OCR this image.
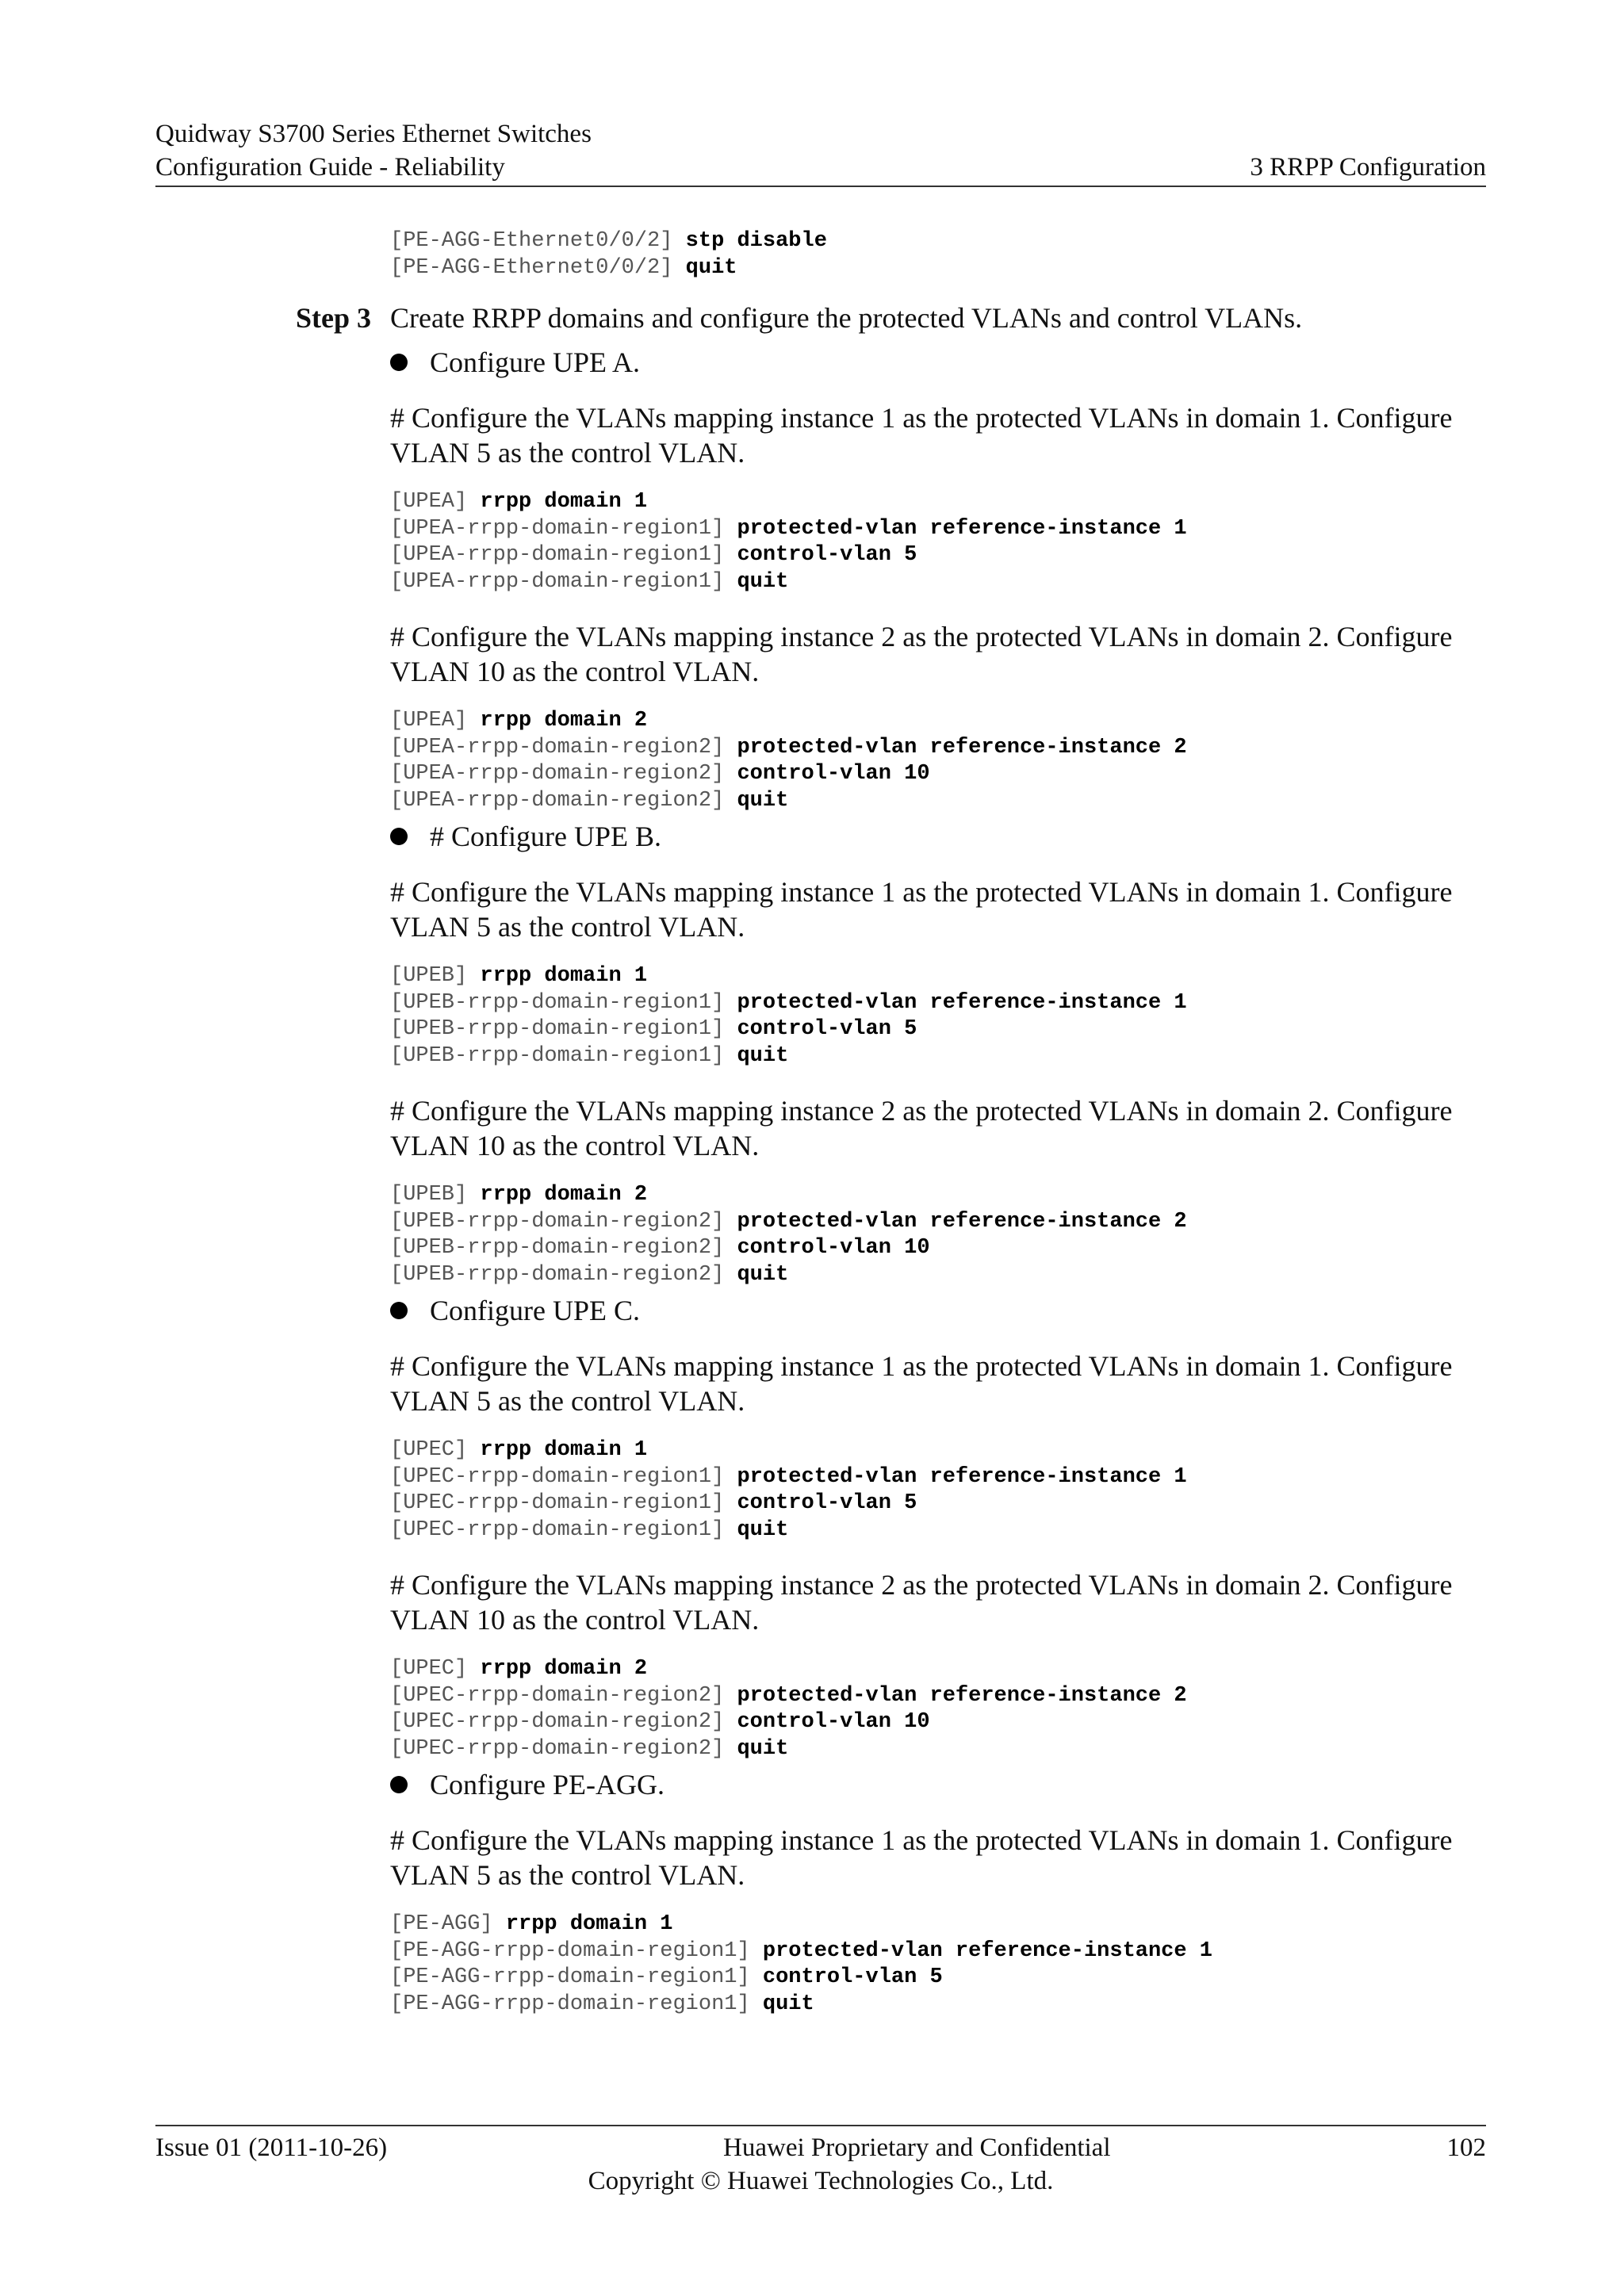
Quidway S3700 Series Ethernet Switches
Configuration Guide - Reliability	3 RRPP Configuration
[PE-AGG-Ethernet0/0/2] stp disable
[PE-AGG-Ethernet0/0/2] quit
Step 3 Create RRPP domains and configure the protected VLANs and control VLANs.
Configure UPE A.
# Configure the VLANs mapping instance 1 as the protected VLANs in domain 1. Configure VLAN 5 as the control VLAN.
[UPEA] rrpp domain 1
[UPEA-rrpp-domain-region1] protected-vlan reference-instance 1
[UPEA-rrpp-domain-region1] control-vlan 5
[UPEA-rrpp-domain-region1] quit
# Configure the VLANs mapping instance 2 as the protected VLANs in domain 2. Configure VLAN 10 as the control VLAN.
[UPEA] rrpp domain 2
[UPEA-rrpp-domain-region2] protected-vlan reference-instance 2
[UPEA-rrpp-domain-region2] control-vlan 10
[UPEA-rrpp-domain-region2] quit
# Configure UPE B.
# Configure the VLANs mapping instance 1 as the protected VLANs in domain 1. Configure VLAN 5 as the control VLAN.
[UPEB] rrpp domain 1
[UPEB-rrpp-domain-region1] protected-vlan reference-instance 1
[UPEB-rrpp-domain-region1] control-vlan 5
[UPEB-rrpp-domain-region1] quit
# Configure the VLANs mapping instance 2 as the protected VLANs in domain 2. Configure VLAN 10 as the control VLAN.
[UPEB] rrpp domain 2
[UPEB-rrpp-domain-region2] protected-vlan reference-instance 2
[UPEB-rrpp-domain-region2] control-vlan 10
[UPEB-rrpp-domain-region2] quit
Configure UPE C.
# Configure the VLANs mapping instance 1 as the protected VLANs in domain 1. Configure VLAN 5 as the control VLAN.
[UPEC] rrpp domain 1
[UPEC-rrpp-domain-region1] protected-vlan reference-instance 1
[UPEC-rrpp-domain-region1] control-vlan 5
[UPEC-rrpp-domain-region1] quit
# Configure the VLANs mapping instance 2 as the protected VLANs in domain 2. Configure VLAN 10 as the control VLAN.
[UPEC] rrpp domain 2
[UPEC-rrpp-domain-region2] protected-vlan reference-instance 2
[UPEC-rrpp-domain-region2] control-vlan 10
[UPEC-rrpp-domain-region2] quit
Configure PE-AGG.
# Configure the VLANs mapping instance 1 as the protected VLANs in domain 1. Configure VLAN 5 as the control VLAN.
[PE-AGG] rrpp domain 1
[PE-AGG-rrpp-domain-region1] protected-vlan reference-instance 1
[PE-AGG-rrpp-domain-region1] control-vlan 5
[PE-AGG-rrpp-domain-region1] quit
Issue 01 (2011-10-26)	Huawei Proprietary and Confidential	102
Copyright © Huawei Technologies Co., Ltd.
